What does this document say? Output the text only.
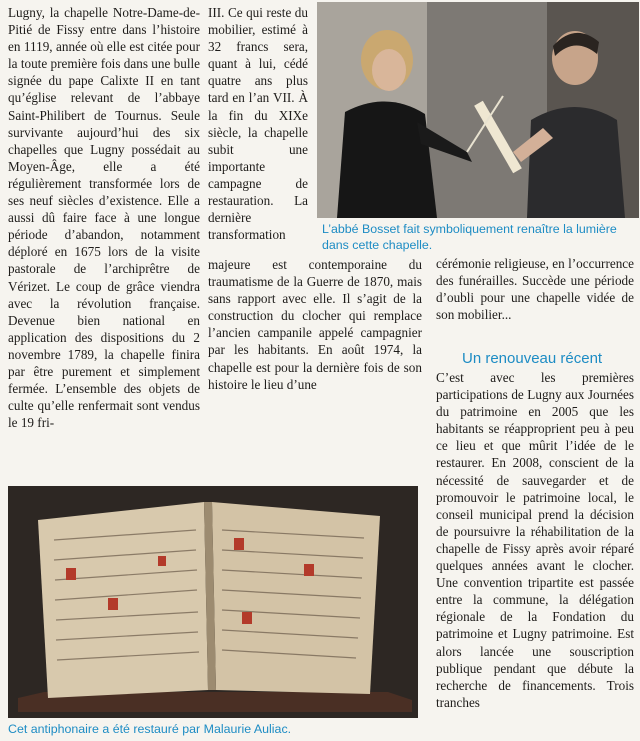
Lugny, la chapelle Notre-Dame-de-Pitié de Fissy entre dans l’histoire en 1119, année où elle est citée pour la toute première fois dans une bulle signée du pape Calixte II en tant qu’église relevant de l’abbaye Saint-Philibert de Tournus. Seule survivante aujourd’hui des six chapelles que Lugny possédait au Moyen-Âge, elle a été régulièrement transformée lors de ses neuf siècles d’existence. Elle a aussi dû faire face à une longue période d’abandon, notamment déploré en 1675 lors de la visite pastorale de l’archiprêtre de Vérizet. Le coup de grâce viendra avec la révolution française. Devenue bien national en application des dispositions du 2 novembre 1789, la chapelle finira par être purement et simplement fermée. L’ensemble des objets de culte qu’elle renfermait sont vendus le 19 fri-

III. Ce qui reste du mobilier, estimé à 32 francs sera, quant à lui, cédé quatre ans plus tard en l’an VII. À la fin du XIXe siècle, la chapelle subit une importante campagne de restauration. La dernière transformation	L’abbé Bosset fait symboliquement renaître la lumière dans cette chapelle.

majeure est contemporaine du traumatisme de la Guerre de 1870, mais sans rapport avec elle. Il s’agit de la construction du clocher qui remplace l’ancien campanile appelé campagnier par les habitants. En août 1974, la chapelle est pour la dernière fois de son histoire le lieu d’une

cérémonie religieuse, en l’occurrence des funérailles. Succède une période d’oubli pour une chapelle vidée de son mobilier...

Un renouveau récent

C’est avec les premières participations de Lugny aux Journées du patrimoine en 2005 que les habitants se réapproprient peu à peu ce lieu et que mûrit l’idée de le restaurer. En 2008, conscient de la nécessité de sauvegarder et de promouvoir le patrimoine local, le conseil municipal prend la décision de poursuivre la réhabilitation de la chapelle de Fissy après avoir réparé quelques années avant le clocher. Une convention tripartite est passée entre la commune, la délégation régionale de la Fondation du patrimoine et Lugny patrimoine. Est alors lancée une souscription publique pendant que débute la recherche de financements. Trois tranches

Cet antiphonaire a été restauré par Malaurie Auliac.
